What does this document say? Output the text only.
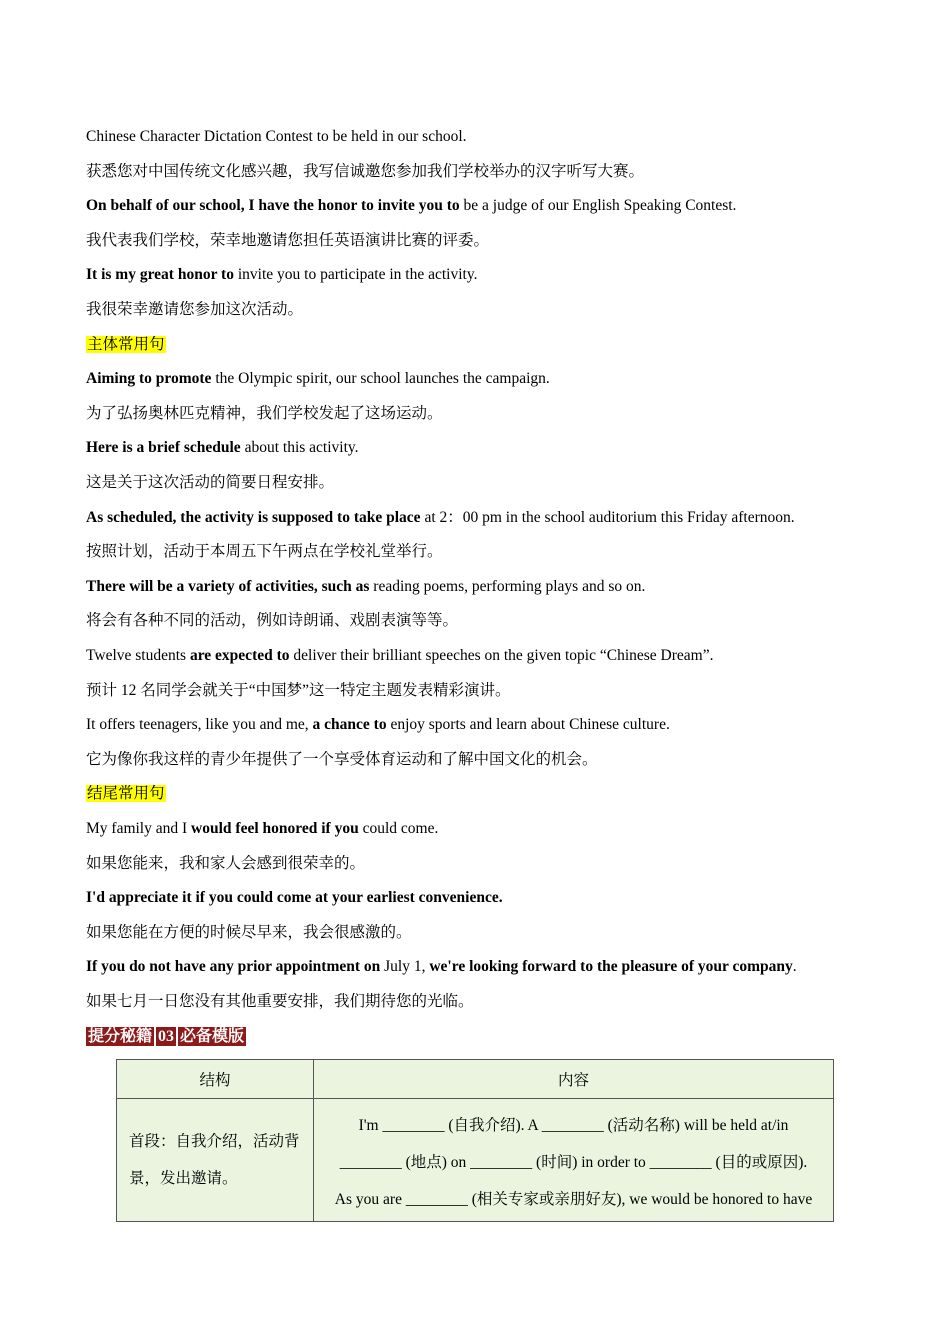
Chinese Character Dictation Contest to be held in our school.
获悉您对中国传统文化感兴趣，我写信诚邀您参加我们学校举办的汉字听写大赛。
On behalf of our school, I have the honor to invite you to be a judge of our English Speaking Contest.
我代表我们学校，荣幸地邀请您担任英语演讲比赛的评委。
It is my great honor to invite you to participate in the activity.
我很荣幸邀请您参加这次活动。
主体常用句
Aiming to promote the Olympic spirit, our school launches the campaign.
为了弘扬奥林匹克精神，我们学校发起了这场运动。
Here is a brief schedule about this activity.
这是关于这次活动的简要日程安排。
As scheduled, the activity is supposed to take place at 2：00 pm in the school auditorium this Friday afternoon.
按照计划，活动于本周五下午两点在学校礼堂举行。
There will be a variety of activities, such as reading poems, performing plays and so on.
将会有各种不同的活动，例如诗朗诵、戏剧表演等等。
Twelve students are expected to deliver their brilliant speeches on the given topic “Chinese Dream”.
预计 12 名同学会就关于“中国梦”这一特定主题发表精彩演讲。
It offers teenagers, like you and me, a chance to enjoy sports and learn about Chinese culture.
它为像你我这样的青少年提供了一个享受体育运动和了解中国文化的机会。
结尾常用句
My family and I would feel honored if you could come.
如果您能来，我和家人会感到很荣幸的。
I'd appreciate it if you could come at your earliest convenience.
如果您能在方便的时候尽早来，我会很感激的。
If you do not have any prior appointment on July 1, we're looking forward to the pleasure of your company.
如果七月一日您没有其他重要安排，我们期待您的光临。
提分秘籍 03 必备模版
结构	内容
首段：自我介绍，活动背景，发出邀请。	I'm ________ (自我介绍). A ________ (活动名称) will be held at/in
________ (地点) on ________ (时间) in order to ________ (目的或原因).
As you are ________ (相关专家或亲朋好友), we would be honored to have
